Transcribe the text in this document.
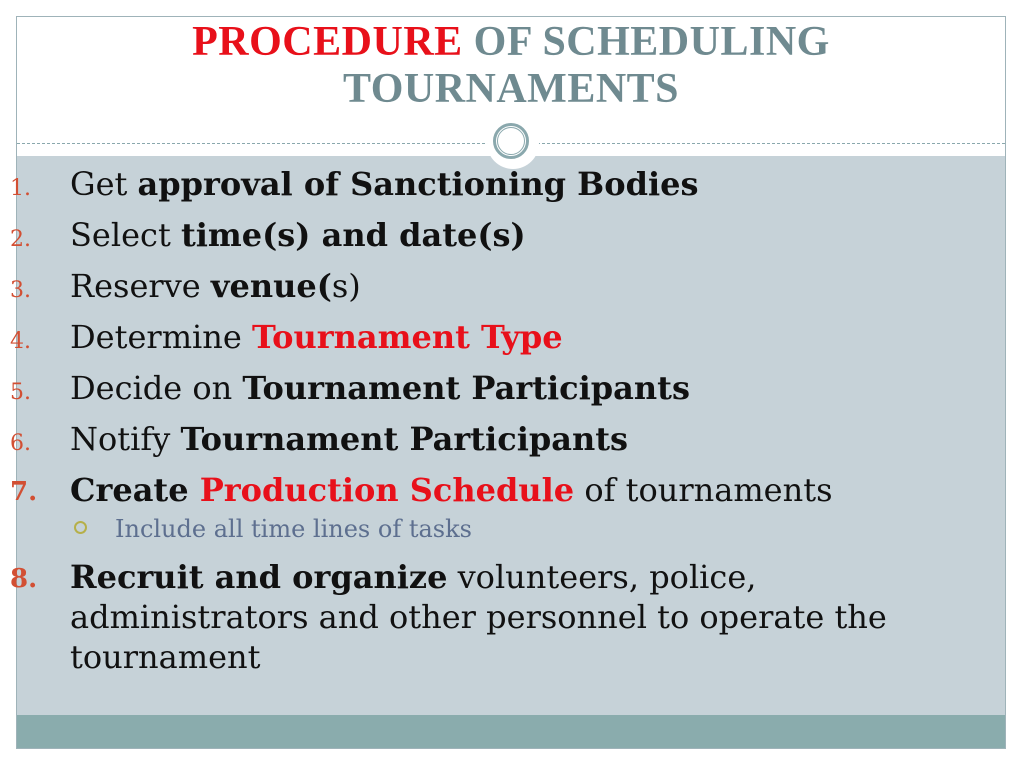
PROCEDURE OF SCHEDULING
TOURNAMENTS
1. Get approval of Sanctioning Bodies
2. Select time(s) and date(s)
3. Reserve venue(s)
4. Determine Tournament Type
5. Decide on Tournament Participants
6. Notify Tournament Participants
7. Create Production Schedule of tournaments
Include all time lines of tasks
8. Recruit and organize volunteers, police, administrators and other personnel to operate the tournament
